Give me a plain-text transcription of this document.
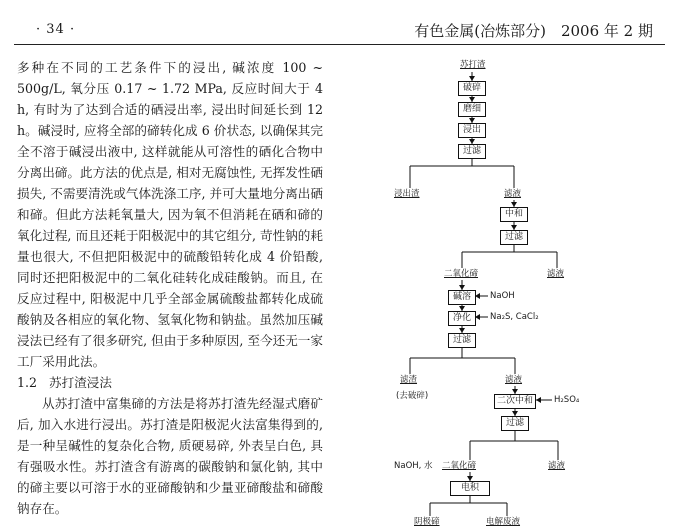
· 34 ·	有色金属(冶炼部分)　2006 年 2 期

多种在不同的工艺条件下的浸出, 碱浓度 100 ~ 500g/L, 氧分压 0.17 ~ 1.72 MPa, 反应时间大于 4 h, 有时为了达到合适的硒浸出率, 浸出时间延长到 12 h。碱浸时, 应将全部的碲转化成 6 价状态, 以确保其完全不溶于碱浸出液中, 这样就能从可溶性的硒化合物中分离出碲。此方法的优点是, 相对无腐蚀性, 无挥发性硒损失, 不需要清洗或气体洗涤工序, 并可大量地分离出硒和碲。但此方法耗氧量大, 因为氧不但消耗在硒和碲的氧化过程, 而且还耗于阳极泥中的其它组分, 苛性钠的耗量也很大, 不但把阳极泥中的硫酸铅转化成 4 价铅酸, 同时还把阳极泥中的二氧化硅转化成硅酸钠。而且, 在反应过程中, 阳极泥中几乎全部金属硫酸盐都转化成硫酸钠及各相应的氧化物、氢氧化物和钠盐。虽然加压碱浸法已经有了很多研究, 但由于多种原因, 至今还无一家工厂采用此法。

1.2 苏打渣浸法

从苏打渣中富集碲的方法是将苏打渣先经湿式磨矿后, 加入水进行浸出。苏打渣是阳极泥火法富集得到的, 是一种呈碱性的复杂化合物, 质硬易碎, 外表呈白色, 具有强吸水性。苏打渣含有游离的碳酸钠和氯化钠, 其中的碲主要以可溶于水的亚碲酸钠和少量亚碲酸盐和碲酸钠存在。

苏打渣
破碎
磨细
浸出
过滤
浸出渣	滤液
中和
过滤
二氧化碲	滤液
碱溶	NaOH
净化	Na₂S, CaCl₂
过滤
滤渣
(去破碎)
滤液
二次中和	H₂SO₄
过滤
NaOH, 水 二氧化碲	滤液
电积
阴极碲	电解废液
